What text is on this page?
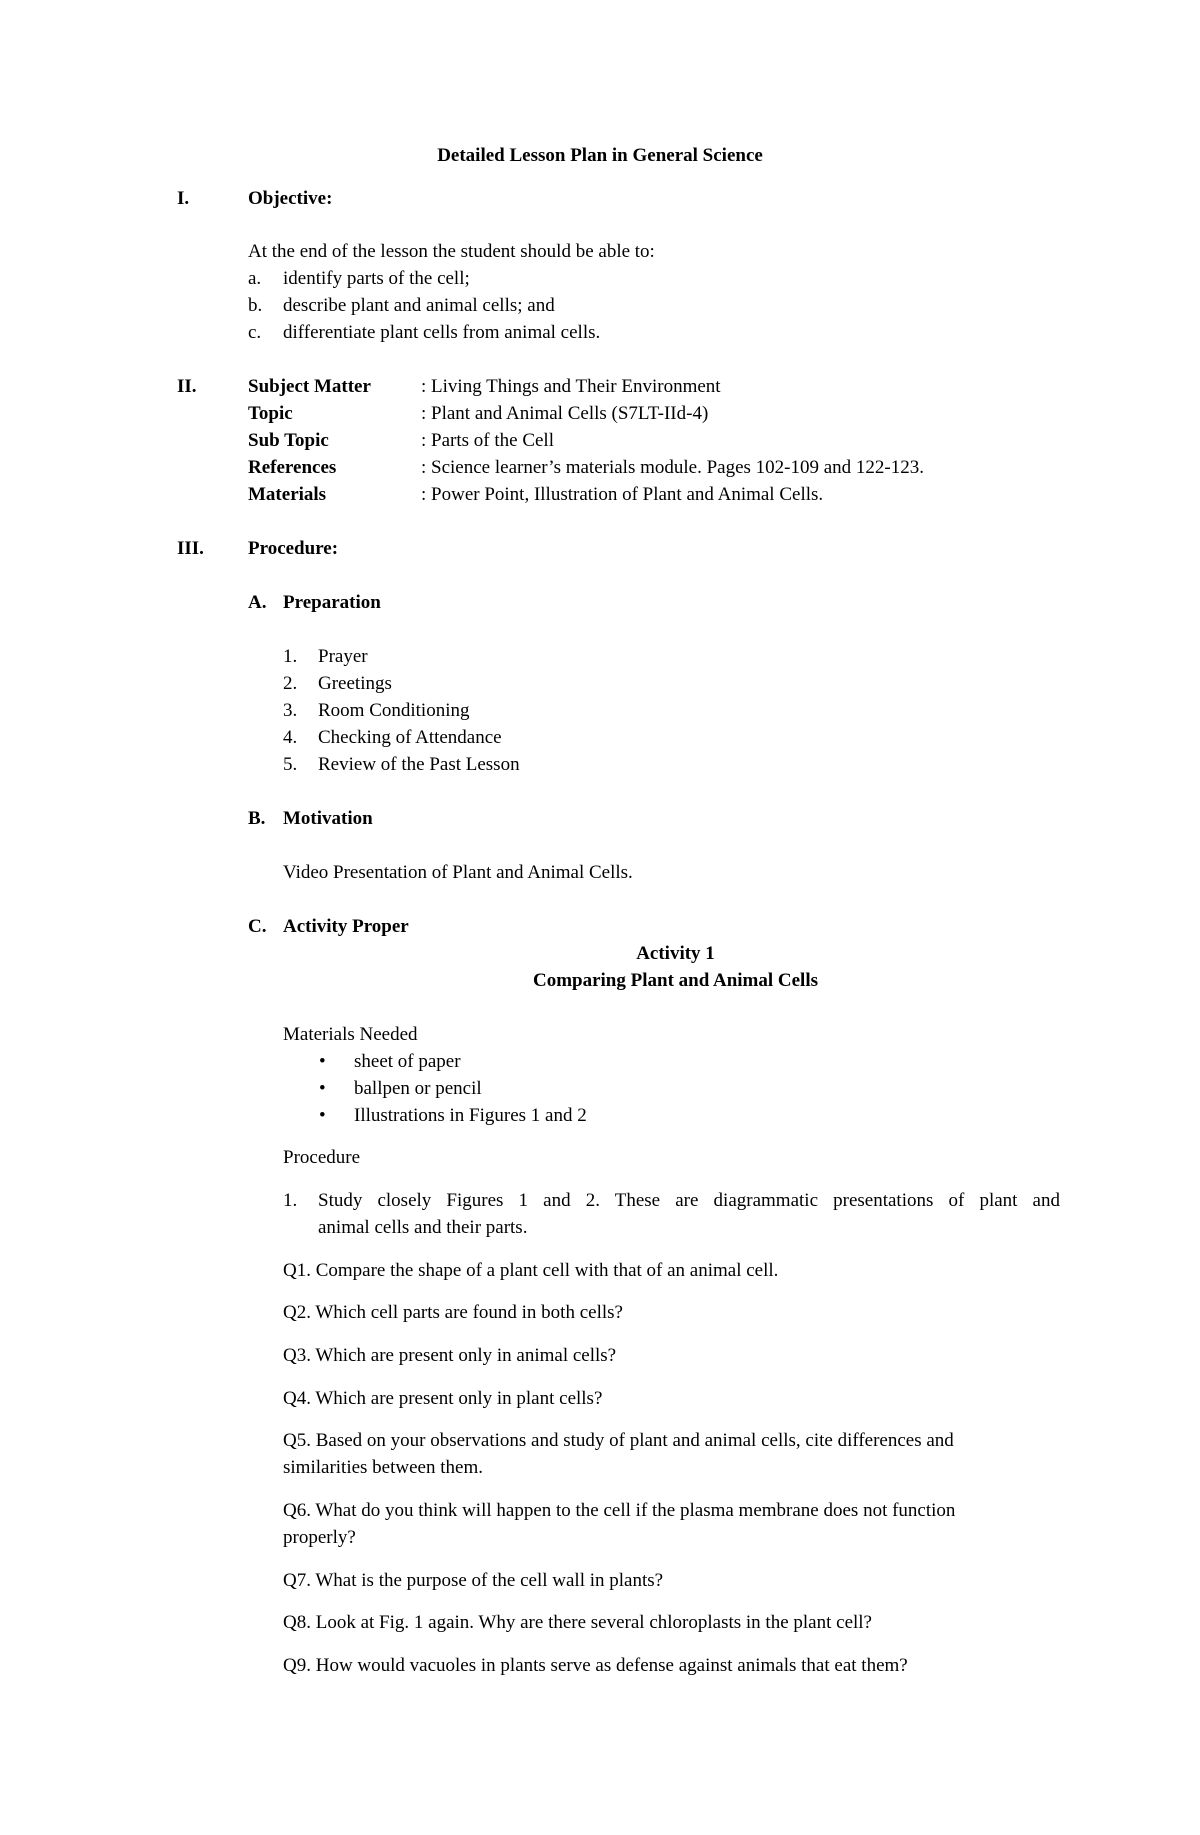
Detailed Lesson Plan in General Science
I.	Objective:
At the end of the lesson the student should be able to:
a. identify parts of the cell;
b. describe plant and animal cells; and
c. differentiate plant cells from animal cells.
II.	Subject Matter	: Living Things and Their Environment
Topic	: Plant and Animal Cells (S7LT-IId-4)
Sub Topic	: Parts of the Cell
References	: Science learner’s materials module. Pages 102-109 and 122-123.
Materials	: Power Point, Illustration of Plant and Animal Cells.
III. Procedure:
A. Preparation
1. Prayer
2. Greetings
3. Room Conditioning
4. Checking of Attendance
5. Review of the Past Lesson
B. Motivation
Video Presentation of Plant and Animal Cells.
C. Activity Proper
Activity 1
Comparing Plant and Animal Cells
Materials Needed
• sheet of paper
• ballpen or pencil
• Illustrations in Figures 1 and 2
Procedure
1. Study closely Figures 1 and 2. These are diagrammatic presentations of plant and
animal cells and their parts.
Q1. Compare the shape of a plant cell with that of an animal cell.
Q2. Which cell parts are found in both cells?
Q3. Which are present only in animal cells?
Q4. Which are present only in plant cells?
Q5. Based on your observations and study of plant and animal cells, cite differences and
similarities between them.
Q6. What do you think will happen to the cell if the plasma membrane does not function
properly?
Q7. What is the purpose of the cell wall in plants?
Q8. Look at Fig. 1 again. Why are there several chloroplasts in the plant cell?
Q9. How would vacuoles in plants serve as defense against animals that eat them?
